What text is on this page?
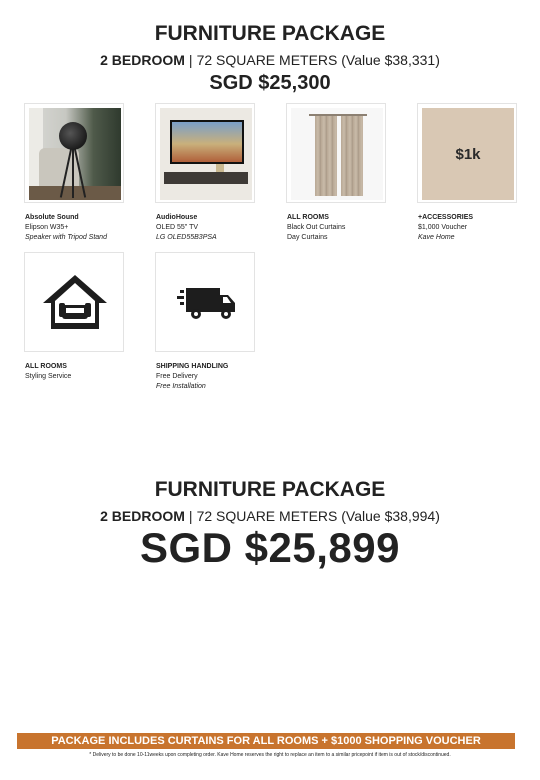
FURNITURE PACKAGE
2 BEDROOM | 72 SQUARE METERS (Value $38,331)
SGD $25,300
$1k
Absolute Sound
Elipson W35+
Speaker with Tripod Stand
AudioHouse
OLED 55" TV
LG OLED55B3PSA
ALL ROOMS
Black Out Curtains
Day Curtains
+ACCESSORIES
$1,000 Voucher
Kave Home
ALL ROOMS
Styling Service
SHIPPING HANDLING
Free Delivery
Free Installation
FURNITURE PACKAGE
2 BEDROOM | 72 SQUARE METERS (Value $38,994)
SGD $25,899
PACKAGE INCLUDES CURTAINS FOR ALL ROOMS + $1000 SHOPPING VOUCHER
* Delivery to be done 10-11weeks upon completing order. Kave Home reserves the right to replace an item to a similar pricepoint if item is out of stock/discontinued.
